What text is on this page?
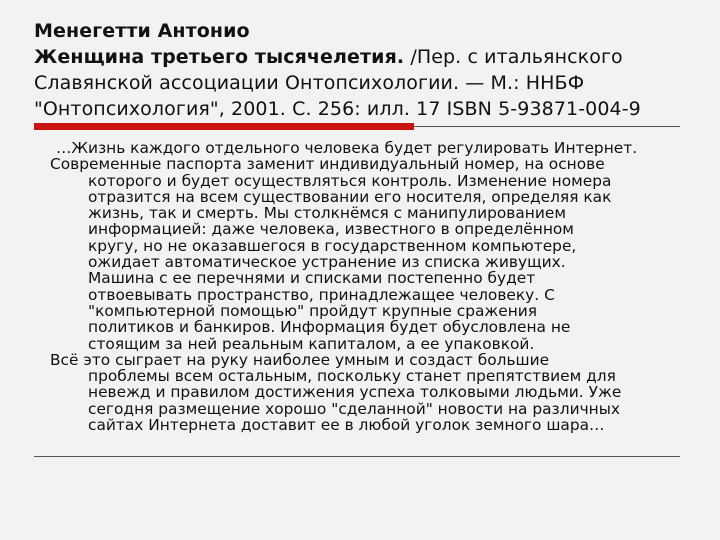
Менегетти Антонио
Женщина третьего тысячелетия. /Пер. с итальянского
Славянской ассоциации Онтопсихологии. — М.: ННБФ
"Онтопсихология", 2001. С. 256: илл. 17 ISBN 5-93871-004-9

…Жизнь каждого отдельного человека будет регулировать Интернет.

Современные паспорта заменит индивидуальный номер, на основе
которого и будет осуществляться контроль. Изменение номера
отразится на всем существовании его носителя, определяя как
жизнь, так и смерть. Мы столкнёмся с манипулированием
информацией: даже человека, известного в определённом
кругу, но не оказавшегося в государственном компьютере,
ожидает автоматическое устранение из списка живущих.
Машина с ее перечнями и списками постепенно будет
отвоевывать пространство, принадлежащее человеку. С
"компьютерной помощью" пройдут крупные сражения
политиков и банкиров. Информация будет обусловлена не
стоящим за ней реальным капиталом, а ее упаковкой.
Всё это сыграет на руку наиболее умным и создаст большие
проблемы всем остальным, поскольку станет препятствием для
невежд и правилом достижения успеха толковыми людьми. Уже
сегодня размещение хорошо "сделанной" новости на различных
сайтах Интернета доставит ее в любой уголок земного шара…
